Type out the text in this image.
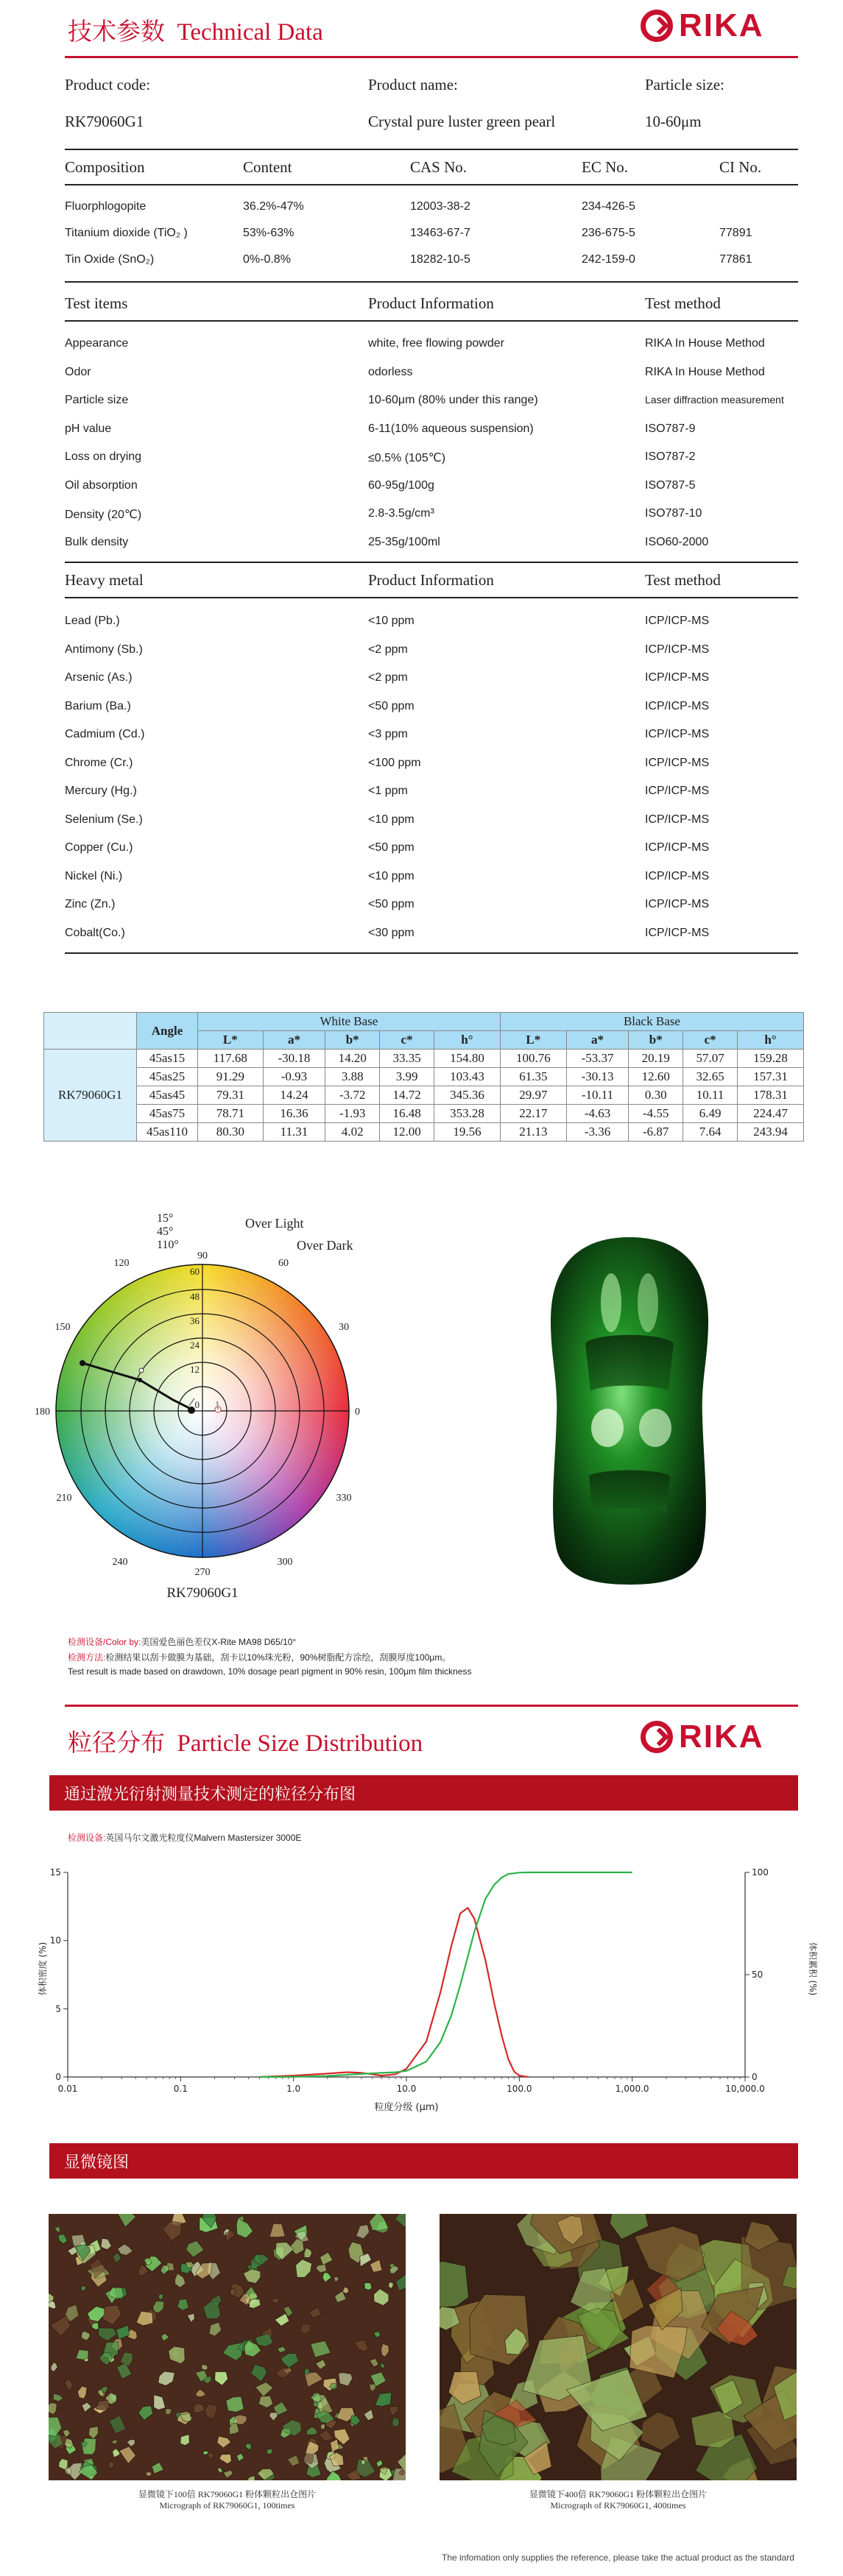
技术参数 Technical Data	RIKA
Product code:	Product name:	Particle size:
RK79060G1	Crystal pure luster green pearl	10-60μm
Composition	Content	CAS No.	EC No.	CI No.
Fluorphlogopite	36.2%-47%	12003-38-2	234-426-5
Titanium dioxide (TiO₂ )	53%-63%	13463-67-7	236-675-5	77891
Tin Oxide (SnO₂)	0%-0.8%	18282-10-5	242-159-0	77861
Test items	Product Information	Test method
Appearance	white, free flowing powder	RIKA In House Method
Odor	odorless	RIKA In House Method
Particle size	10-60μm (80% under this range)	Laser diffraction measurement
pH value	6-11(10% aqueous suspension)	ISO787-9
Loss on drying	≤0.5% (105℃)	ISO787-2
Oil absorption	60-95g/100g	ISO787-5
Density (20℃)	2.8-3.5g/cm³	ISO787-10
Bulk density	25-35g/100ml	ISO60-2000
Heavy metal	Product Information	Test method
Lead (Pb.)	<10 ppm	ICP/ICP-MS
Antimony (Sb.)	<2 ppm	ICP/ICP-MS
Arsenic (As.)	<2 ppm	ICP/ICP-MS
Barium (Ba.)	<50 ppm	ICP/ICP-MS
Cadmium (Cd.)	<3 ppm	ICP/ICP-MS
Chrome (Cr.)	<100 ppm	ICP/ICP-MS
Mercury (Hg.)	<1 ppm	ICP/ICP-MS
Selenium (Se.)	<10 ppm	ICP/ICP-MS
Copper (Cu.)	<50 ppm	ICP/ICP-MS
Nickel (Ni.)	<10 ppm	ICP/ICP-MS
Zinc (Zn.)	<50 ppm	ICP/ICP-MS
Cobalt(Co.)	<30 ppm	ICP/ICP-MS
	Angle	White Base					Black Base				
		L*	a*	b*	c*	h°	L*	a*	b*	c*	h°
RK79060G1	45as15	117.68	-30.18	14.20	33.35	154.80	100.76	-53.37	20.19	57.07	159.28
	45as25	91.29	-0.93	3.88	3.99	103.43	61.35	-30.13	12.60	32.65	157.31
	45as45	79.31	14.24	-3.72	14.72	345.36	29.97	-10.11	0.30	10.11	178.31
	45as75	78.71	16.36	-1.93	16.48	353.28	22.17	-4.63	-4.55	6.49	224.47
	45as110	80.30	11.31	4.02	12.00	19.56	21.13	-3.36	-6.87	7.64	243.94
60
48
36
24
12
0
90
120	60
150	30
180	0
210	330
240	300
270
15°
45°
110°
Over Light
Over Dark
RK79060G1
检测设备/Color by:美国爱色丽色差仪X-Rite MA98 D65/10°
检测方法:检测结果以刮卡做膜为基础，刮卡以10%珠光粉，90%树脂配方涂绘，刮膜厚度100μm。
Test result is made based on drawdown, 10% dosage pearl pigment in 90% resin, 100μm film thickness
粒径分布 Particle Size Distribution	RIKA
通过激光衍射测量技术测定的粒径分布图
检测设备:英国马尔文激光粒度仪Malvern Mastersizer 3000E
0.01	0.1	1.0	10.0	100.0	1,000.0	10,000.0
0
5
10
15
0
50
100
粒度分级 (μm)
体积密度 (%)	体积累积 (%)
显微镜图
显微镜下100倍 RK79060G1 粉体颗粒出仓图片
Micrograph of RK79060G1, 100times
显微镜下400倍 RK79060G1 粉体颗粒出仓图片
Micrograph of RK79060G1, 400times
The infomation only supplies the reference, please take the actual product as the standard
